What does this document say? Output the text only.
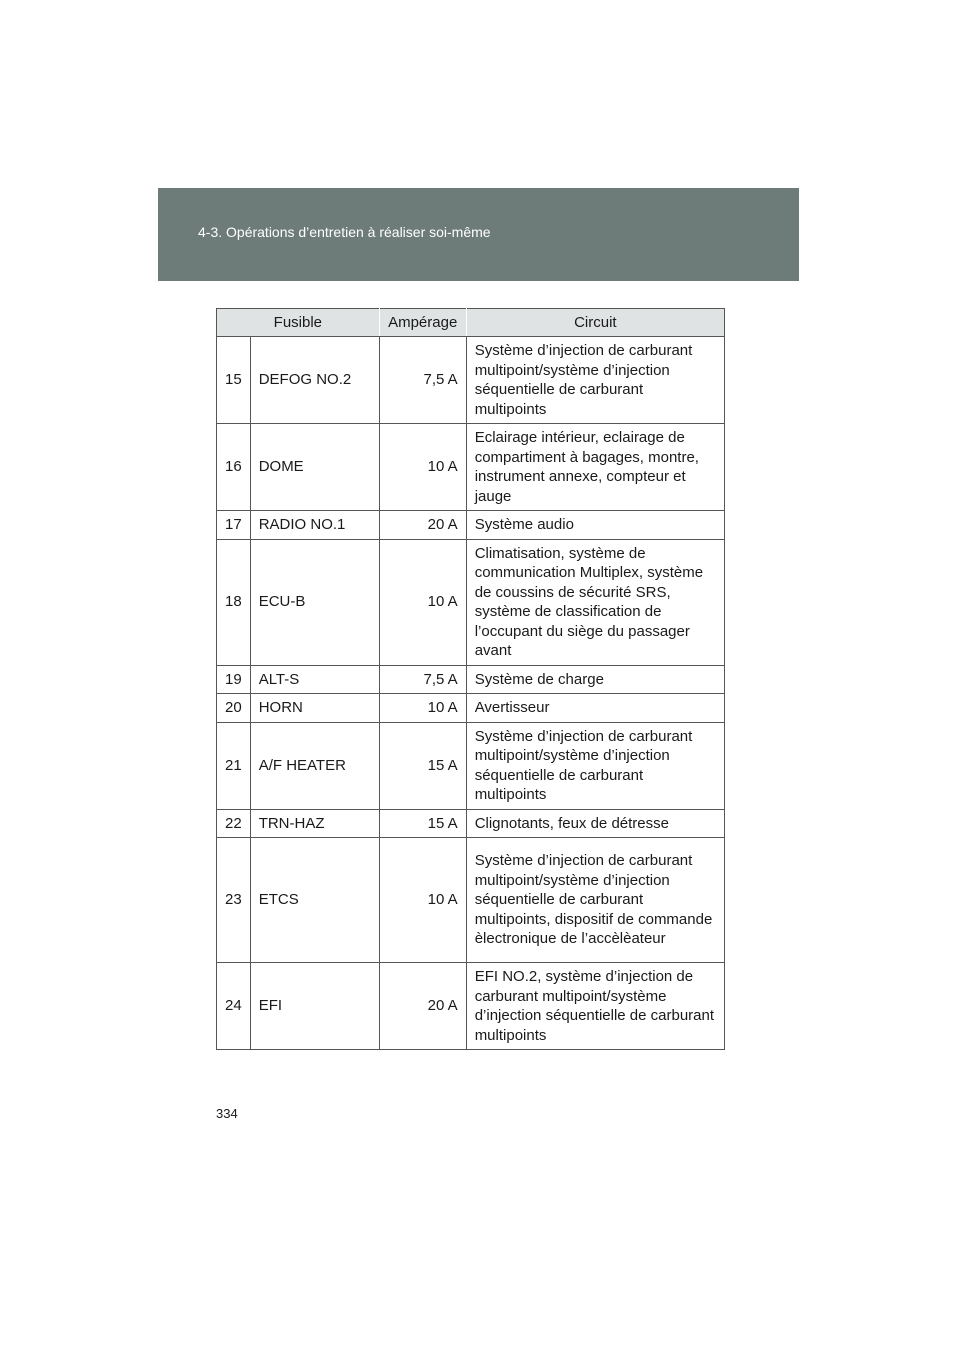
4-3. Opérations d’entretien à réaliser soi-même
Fusible		Ampérage	Circuit
15	DEFOG NO.2	7,5 A	Système d’injection de carburant multipoint/système d’injection séquentielle de carburant multipoints
16	DOME	10 A	Eclairage intérieur, eclairage de compartiment à bagages, montre, instrument annexe, compteur et jauge
17	RADIO NO.1	20 A	Système audio
18	ECU-B	10 A	Climatisation, système de communication Multiplex, système de coussins de sécurité SRS, système de classification de l’occupant du siège du passager avant
19	ALT-S	7,5 A	Système de charge
20	HORN	10 A	Avertisseur
21	A/F HEATER	15 A	Système d’injection de carburant multipoint/système d’injection séquentielle de carburant multipoints
22	TRN-HAZ	15 A	Clignotants, feux de détresse
23	ETCS	10 A	Système d’injection de carburant multipoint/système d’injection séquentielle de carburant multipoints, dispositif de commande èlectronique de l’accèlèateur
24	EFI	20 A	EFI NO.2, système d’injection de carburant multipoint/système d’injection séquentielle de carburant multipoints
334
